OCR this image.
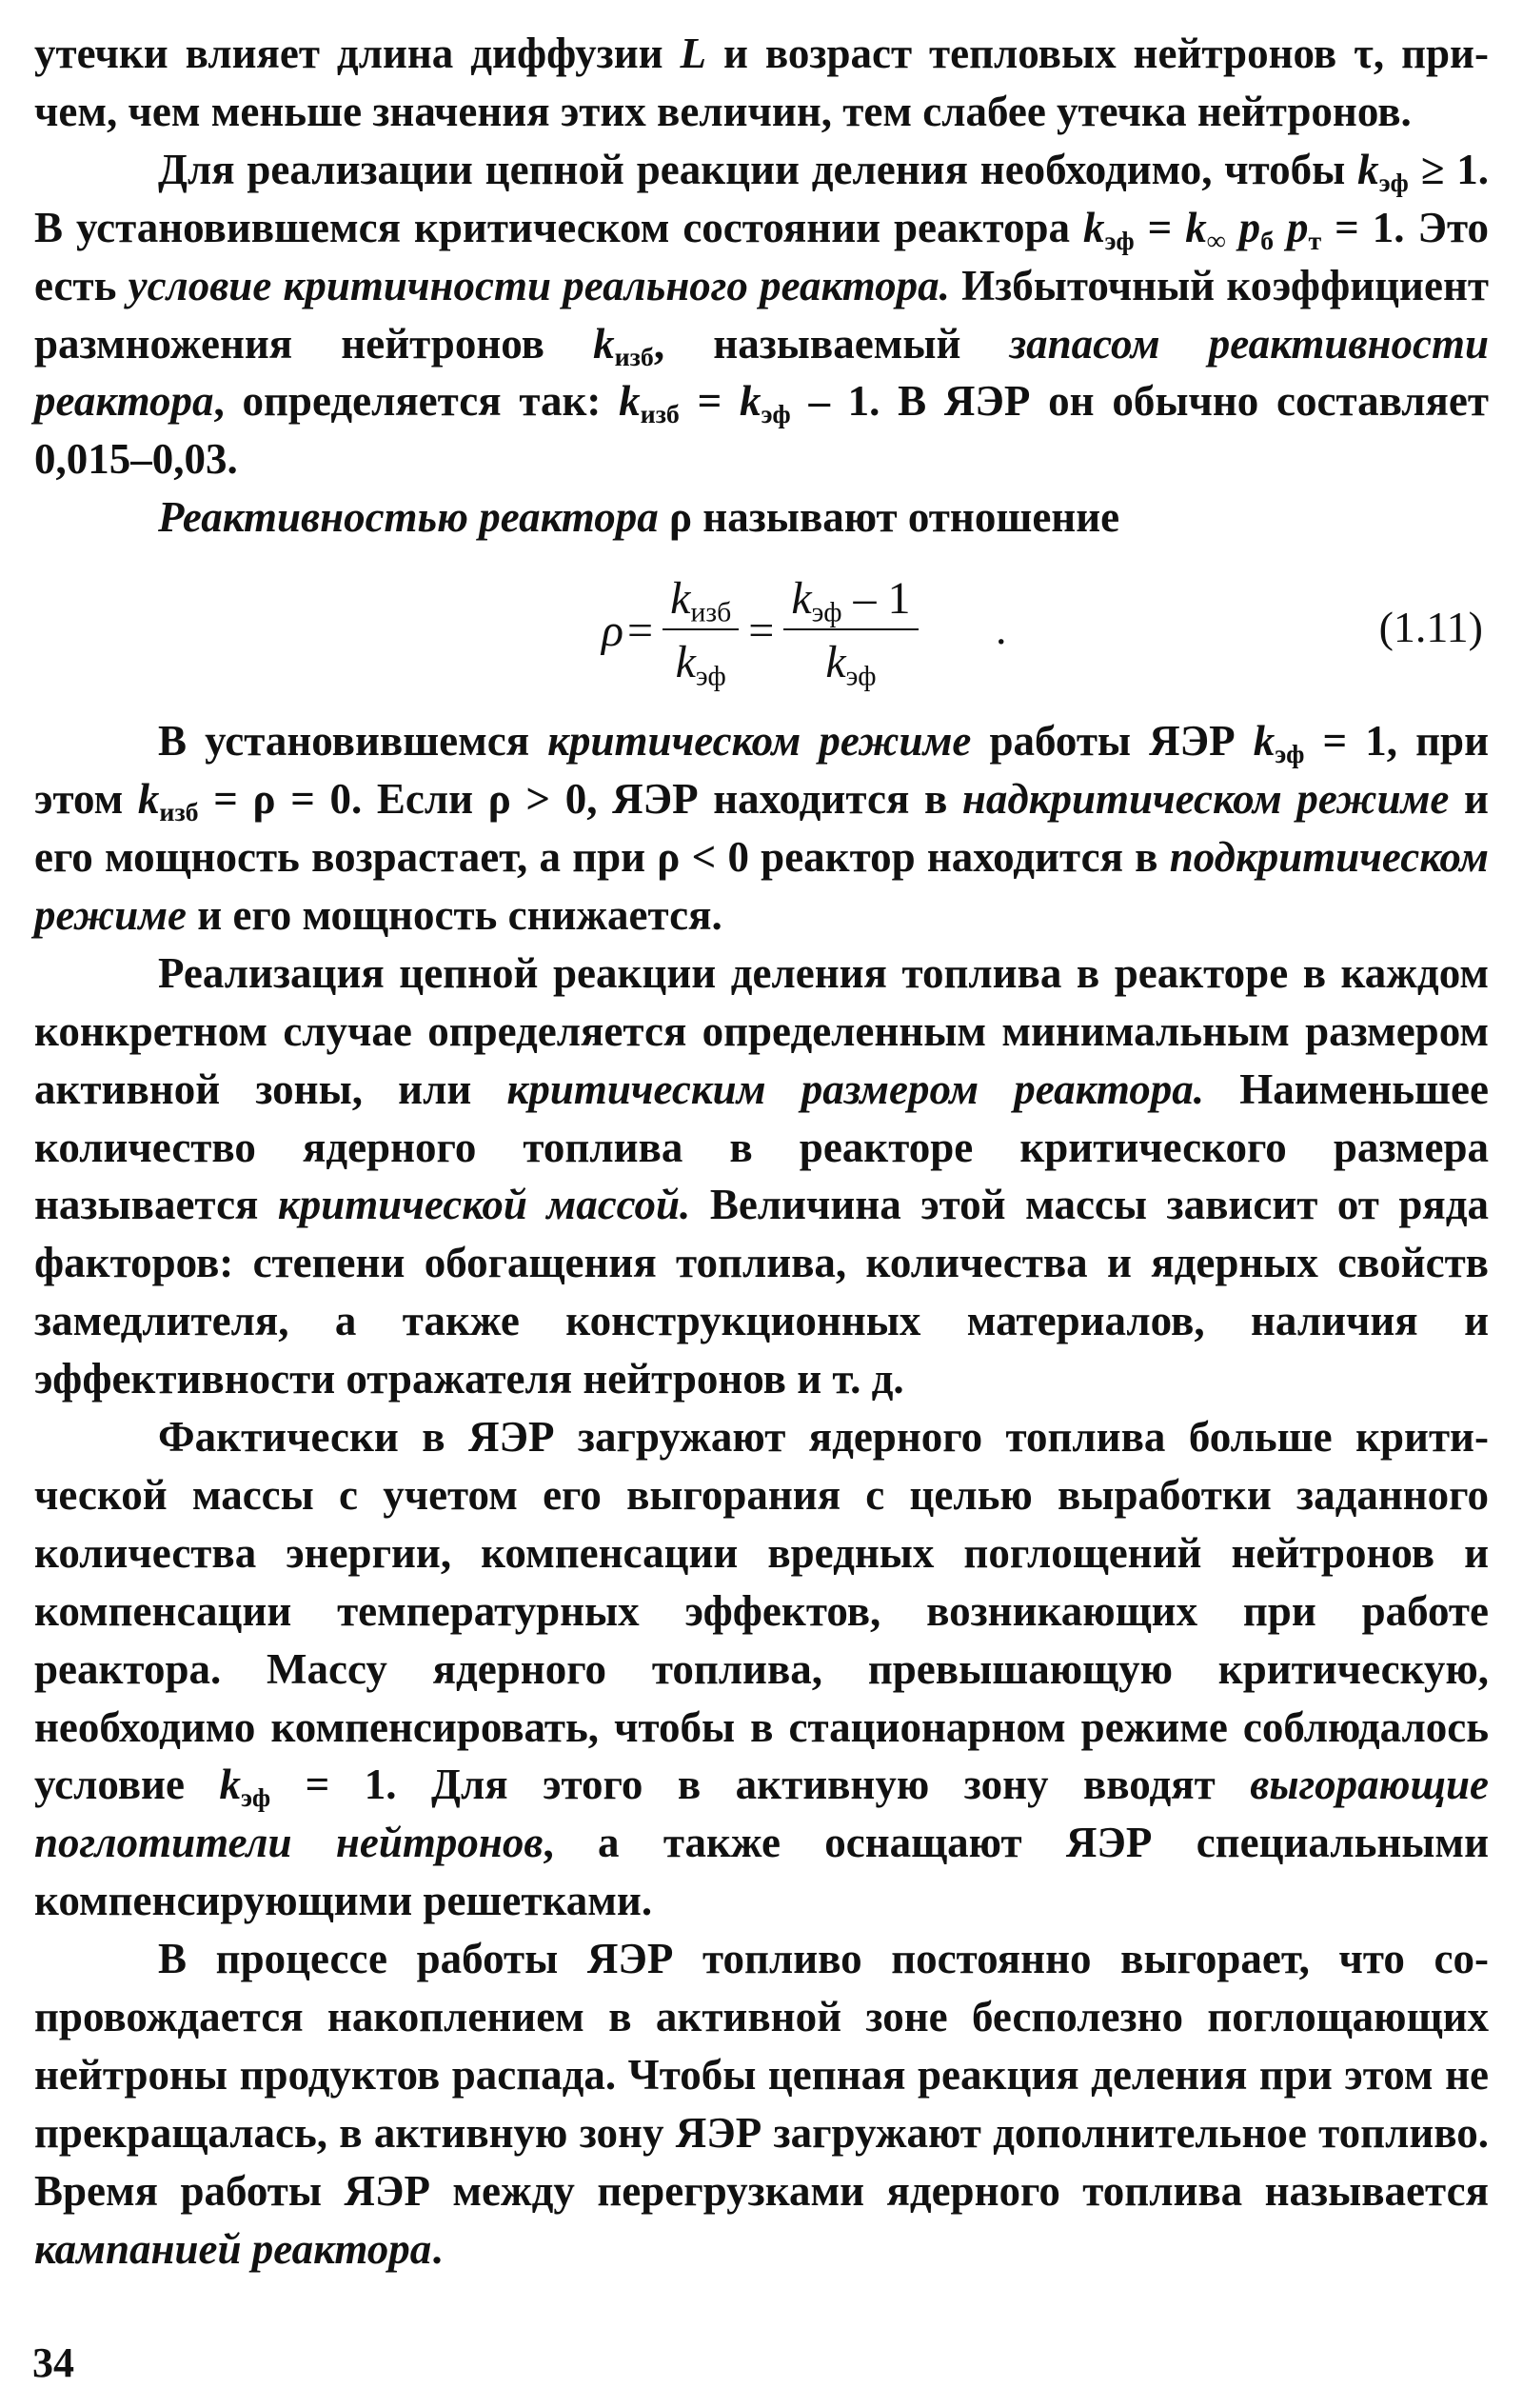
утечки влияет длина диффузии L и возраст тепловых нейтронов τ, причем, чем меньше значения этих величин, тем слабее утечка нейтронов.

Для реализации цепной реакции деления необходимо, чтобы $k_{эф} \ge 1$. В установившемся критическом состоянии реактора $k_{эф} = k_\infty$ $p_б$ $p_т = 1$. Это есть условие критичности реального реактора. Избыточный коэффициент размножения нейтронов $k_{изб}$, называемый запасом реактивности реактора, определяется так: $k_{изб} = k_{эф} - 1$. В ЯЭР он обычно составляет 0,015–0,03.

Реактивностью реактора ρ называют отношение

$\rho = \frac{k_{изб}}{k_{эф}} = \frac{k_{эф} - 1}{k_{эф}}$ .	(1.11)

В установившемся критическом режиме работы ЯЭР $k_{эф} = 1$, при этом $k_{изб} = \rho = 0$. Если ρ > 0, ЯЭР находится в надкритическом режиме и его мощность возрастает, а при ρ < 0 реактор находится в подкритическом режиме и его мощность снижается.

Реализация цепной реакции деления топлива в реакторе в каждом конкретном случае определяется определенным минимальным размером активной зоны, или критическим размером реактора. Наименьшее количество ядерного топлива в реакторе критического размера называется критической массой. Величина этой массы зависит от ряда факторов: степени обогащения топлива, количества и ядерных свойств замедлителя, а также конструкционных материалов, наличия и эффективности отражателя нейтронов и т. д.

Фактически в ЯЭР загружают ядерного топлива больше критической массы с учетом его выгорания с целью выработки заданного количества энергии, компенсации вредных поглощений нейтронов и компенсации температурных эффектов, возникающих при работе реактора. Массу ядерного топлива, превышающую критическую, необходимо компенсировать, чтобы в стационарном режиме соблюдалось условие $k_{эф} = 1$. Для этого в активную зону вводят выгорающие поглотители нейтронов, а также оснащают ЯЭР специальными компенсирующими решетками.

В процессе работы ЯЭР топливо постоянно выгорает, что сопровождается накоплением в активной зоне бесполезно поглощающих нейтроны продуктов распада. Чтобы цепная реакция деления при этом не прекращалась, в активную зону ЯЭР загружают дополнительное топливо. Время работы ЯЭР между перегрузками ядерного топлива называется кампанией реактора.

34
